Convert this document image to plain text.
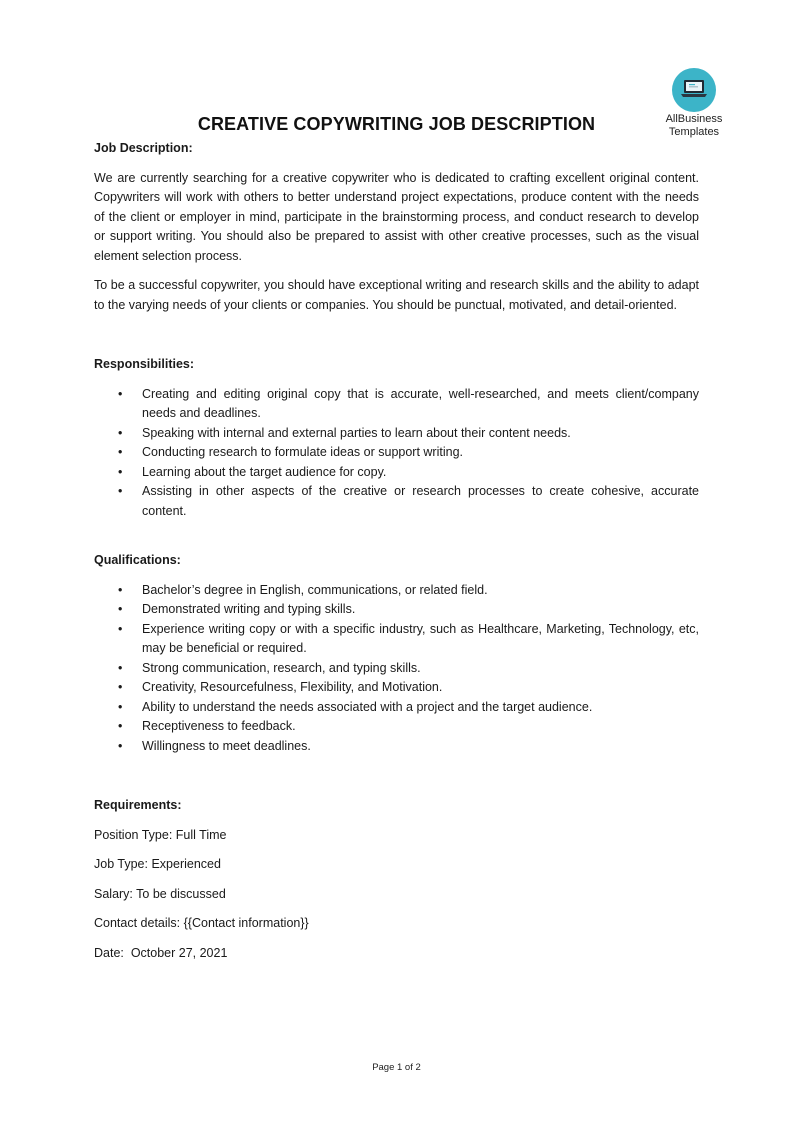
AllBusiness
Templates
CREATIVE COPYWRITING JOB DESCRIPTION

Job Description:

We are currently searching for a creative copywriter who is dedicated to crafting excellent original content. Copywriters will work with others to better understand project expectations, produce content with the needs of the client or employer in mind, participate in the brainstorming process, and conduct research to develop or support writing. You should also be prepared to assist with other creative processes, such as the visual element selection process.

To be a successful copywriter, you should have exceptional writing and research skills and the ability to adapt to the varying needs of your clients or companies. You should be punctual, motivated, and detail-oriented.

Responsibilities:

• Creating and editing original copy that is accurate, well-researched, and meets client/company needs and deadlines.
• Speaking with internal and external parties to learn about their content needs.
• Conducting research to formulate ideas or support writing.
• Learning about the target audience for copy.
• Assisting in other aspects of the creative or research processes to create cohesive, accurate content.

Qualifications:

• Bachelor’s degree in English, communications, or related field.
• Demonstrated writing and typing skills.
• Experience writing copy or with a specific industry, such as Healthcare, Marketing, Technology, etc, may be beneficial or required.
• Strong communication, research, and typing skills.
• Creativity, Resourcefulness, Flexibility, and Motivation.
• Ability to understand the needs associated with a project and the target audience.
• Receptiveness to feedback.
• Willingness to meet deadlines.

Requirements:

Position Type: Full Time

Job Type: Experienced

Salary: To be discussed

Contact details: {{Contact information}}

Date:  October 27, 2021

Page 1 of 2
